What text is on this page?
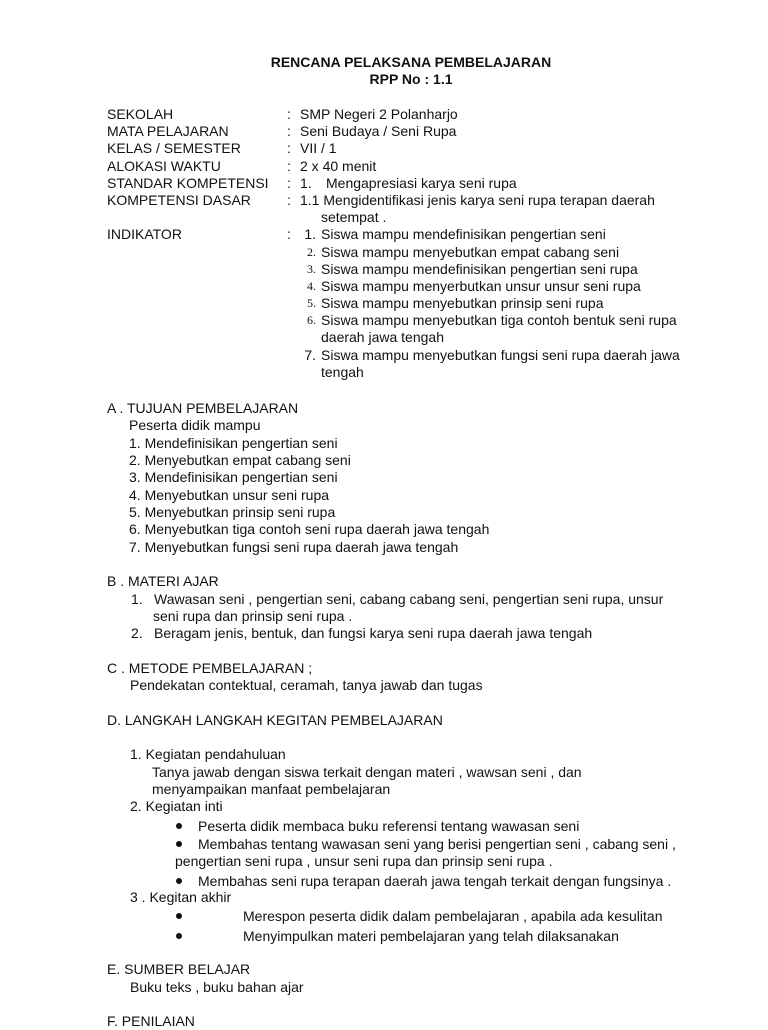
RENCANA PELAKSANA PEMBELAJARAN
RPP No : 1.1
SEKOLAH	: SMP Negeri 2 Polanharjo
MATA PELAJARAN	: Seni Budaya / Seni Rupa
KELAS / SEMESTER	: VII / 1
ALOKASI WAKTU	: 2 x 40 menit
STANDAR KOMPETENSI : 1. Mengapresiasi karya seni rupa
KOMPETENSI DASAR	: 1.1 Mengidentifikasi jenis karya seni rupa terapan daerah
setempat .
INDIKATOR	: 1. Siswa mampu mendefinisikan pengertian seni
2. Siswa mampu menyebutkan empat cabang seni
3. Siswa mampu mendefinisikan pengertian seni rupa
4. Siswa mampu menyerbutkan unsur unsur seni rupa
5. Siswa mampu menyebutkan prinsip seni rupa
6. Siswa mampu menyebutkan tiga contoh bentuk seni rupa
daerah jawa tengah
7. Siswa mampu menyebutkan fungsi seni rupa daerah jawa
tengah
A . TUJUAN PEMBELAJARAN
Peserta didik mampu
1. Mendefinisikan pengertian seni
2. Menyebutkan empat cabang seni
3. Mendefinisikan pengertian seni
4. Menyebutkan unsur seni rupa
5. Menyebutkan prinsip seni rupa
6. Menyebutkan tiga contoh seni rupa daerah jawa tengah
7. Menyebutkan fungsi seni rupa daerah jawa tengah
B . MATERI AJAR
1. Wawasan seni , pengertian seni, cabang cabang seni, pengertian seni rupa, unsur
seni rupa dan prinsip seni rupa .
2. Beragam jenis, bentuk, dan fungsi karya seni rupa daerah jawa tengah
C . METODE PEMBELAJARAN ;
Pendekatan contektual, ceramah, tanya jawab dan tugas
D. LANGKAH LANGKAH KEGITAN PEMBELAJARAN
1. Kegiatan pendahuluan
Tanya jawab dengan siswa terkait dengan materi , wawsan seni , dan
menyampaikan manfaat pembelajaran
2. Kegiatan inti
Peserta didik membaca buku referensi tentang wawasan seni
Membahas tentang wawasan seni yang berisi pengertian seni , cabang seni ,
pengertian seni rupa , unsur seni rupa dan prinsip seni rupa .
Membahas seni rupa terapan daerah jawa tengah terkait dengan fungsinya .
3 . Kegitan akhir
Merespon peserta didik dalam pembelajaran , apabila ada kesulitan
Menyimpulkan materi pembelajaran yang telah dilaksanakan
E. SUMBER BELAJAR
Buku teks , buku bahan ajar
F. PENILAIAN
